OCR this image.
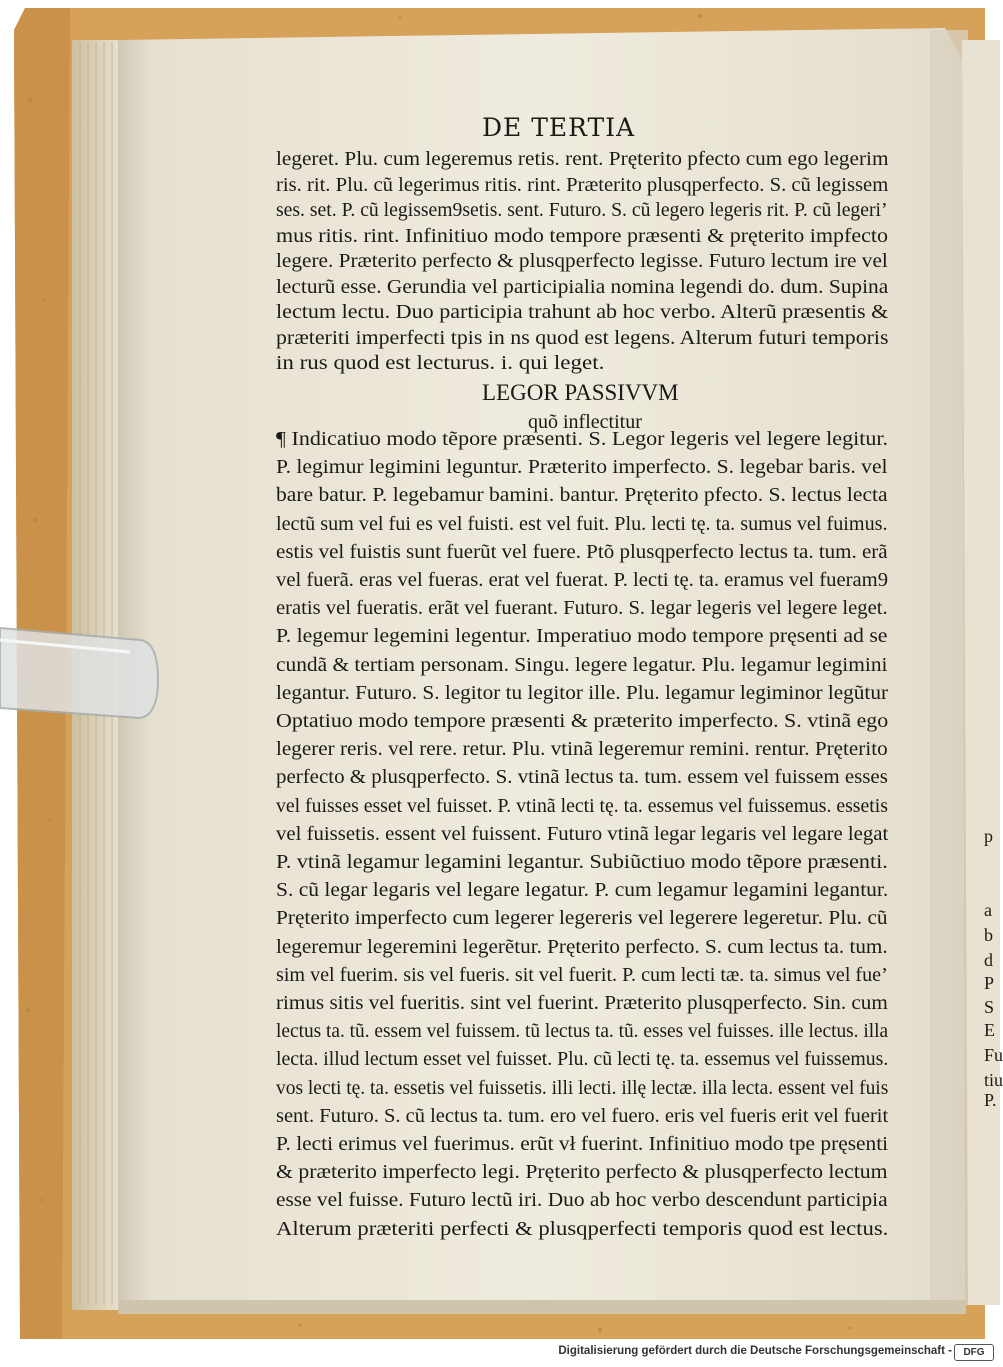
DE TERTIA
legeret. Plu. cum legeremus retis. rent. Pręterito pfecto cum ego legerim
ris. rit. Plu. cũ legerimus ritis. rint. Præterito plusqperfecto. S. cũ legissem
ses. set. P. cũ legissem9setis. sent. Futuro. S. cũ legero legeris rit. P. cũ legeri’
mus ritis. rint. Infinitiuo modo tempore præsenti & pręterito impfecto
legere. Præterito perfecto & plusqperfecto legisse. Futuro lectum ire vel
lecturũ esse. Gerundia vel participialia nomina legendi do. dum. Supina
lectum lectu. Duo participia trahunt ab hoc verbo. Alterũ præsentis &
præteriti imperfecti tpis in ns quod est legens. Alterum futuri temporis
in rus quod est lecturus. i. qui leget.
LEGOR PASSIVVM
quõ inflectitur
¶ Indicatiuo modo tẽpore præsenti. S. Legor legeris vel legere legitur.
P. legimur legimini leguntur. Præterito imperfecto. S. legebar baris. vel
bare batur. P. legebamur bamini. bantur. Pręterito pfecto. S. lectus lecta
lectũ sum vel fui es vel fuisti. est vel fuit. Plu. lecti tę. ta. sumus vel fuimus.
estis vel fuistis sunt fuerũt vel fuere. Ptõ plusqperfecto lectus ta. tum. erã
vel fuerã. eras vel fueras. erat vel fuerat. P. lecti tę. ta. eramus vel fueram9
eratis vel fueratis. erãt vel fuerant. Futuro. S. legar legeris vel legere leget.
P. legemur legemini legentur. Imperatiuo modo tempore pręsenti ad se
cundã & tertiam personam. Singu. legere legatur. Plu. legamur legimini
legantur. Futuro. S. legitor tu legitor ille. Plu. legamur legiminor legũtur
Optatiuo modo tempore præsenti & præterito imperfecto. S. vtinã ego
legerer reris. vel rere. retur. Plu. vtinã legeremur remini. rentur. Pręterito
perfecto & plusqperfecto. S. vtinã lectus ta. tum. essem vel fuissem esses
vel fuisses esset vel fuisset. P. vtinã lecti tę. ta. essemus vel fuissemus. essetis
vel fuissetis. essent vel fuissent. Futuro vtinã legar legaris vel legare legat
P. vtinã legamur legamini legantur. Subiũctiuo modo tẽpore præsenti.
S. cũ legar legaris vel legare legatur. P. cum legamur legamini legantur.
Pręterito imperfecto cum legerer legereris vel legerere legeretur. Plu. cũ
legeremur legeremini legerẽtur. Pręterito perfecto. S. cum lectus ta. tum.
sim vel fuerim. sis vel fueris. sit vel fuerit. P. cum lecti tæ. ta. simus vel fue’
rimus sitis vel fueritis. sint vel fuerint. Præterito plusqperfecto. Sin. cum
lectus ta. tũ. essem vel fuissem. tũ lectus ta. tũ. esses vel fuisses. ille lectus. illa
lecta. illud lectum esset vel fuisset. Plu. cũ lecti tę. ta. essemus vel fuissemus.
vos lecti tę. ta. essetis vel fuissetis. illi lecti. illę lectæ. illa lecta. essent vel fuis
sent. Futuro. S. cũ lectus ta. tum. ero vel fuero. eris vel fueris erit vel fuerit
P. lecti erimus vel fuerimus. erũt vł fuerint. Infinitiuo modo tpe pręsenti
& præterito imperfecto legi. Pręterito perfecto & plusqperfecto lectum
esse vel fuisse. Futuro lectũ iri. Duo ab hoc verbo descendunt participia
Alterum præteriti perfecti & plusqperfecti temporis quod est lectus.
p
a
b
d
P
S
E
Fu
tiu
P.
Digitalisierung gefördert durch die Deutsche Forschungsgemeinschaft -	DFG
